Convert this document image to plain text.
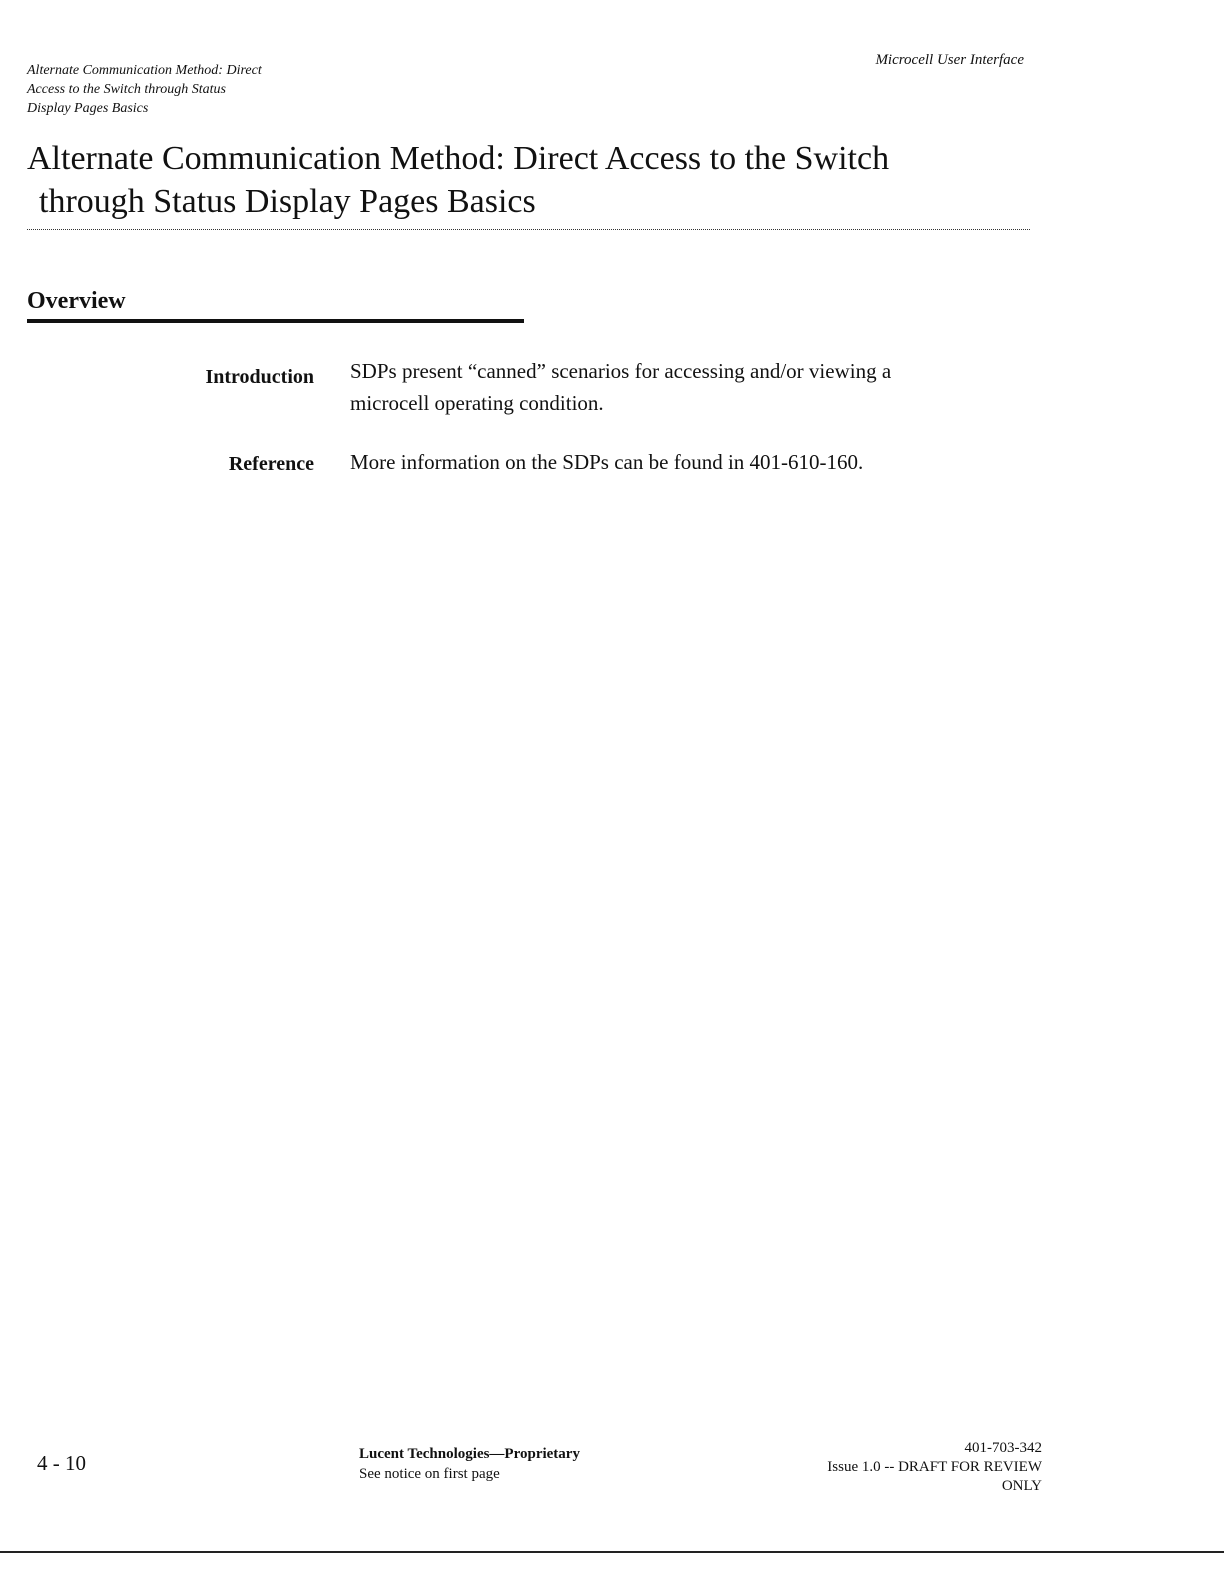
Alternate Communication Method: Direct
Access to the Switch through Status
Display Pages Basics
Microcell User Interface
Alternate Communication Method: Direct Access to the Switch
through Status Display Pages Basics
Overview
Introduction SDPs present “canned” scenarios for accessing and/or viewing a
microcell operating condition.
Reference More information on the SDPs can be found in 401-610-160.
4 - 10	Lucent Technologies—Proprietary
See notice on first page
401-703-342
Issue 1.0 -- DRAFT FOR REVIEW
ONLY
